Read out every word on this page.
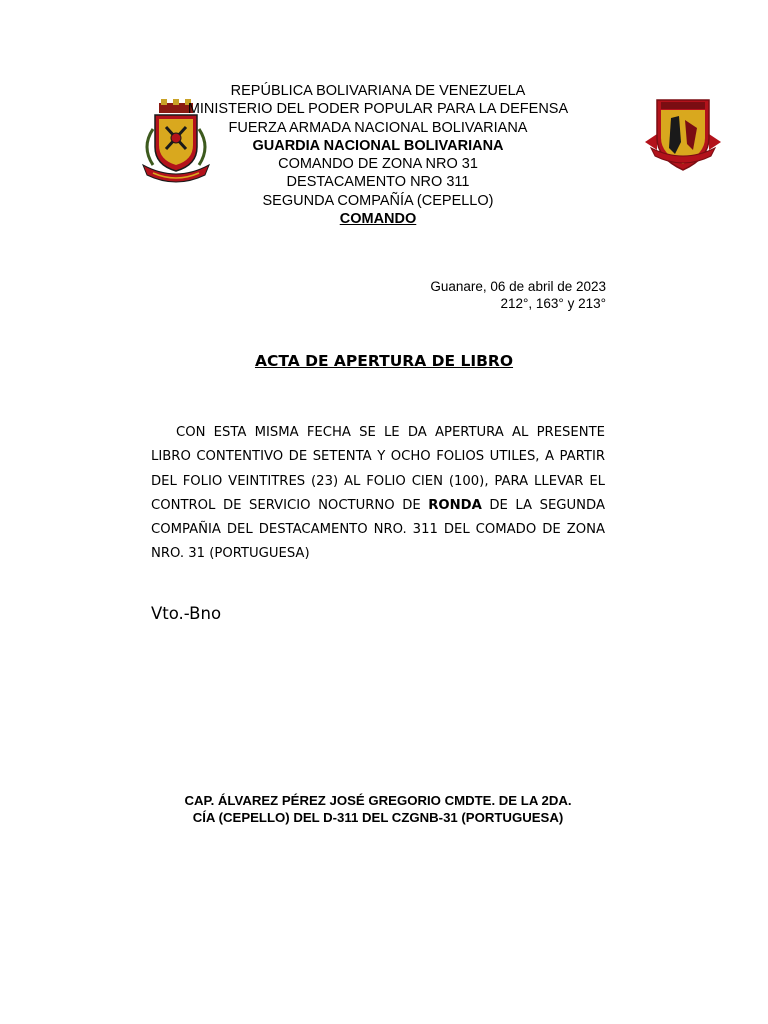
REPÚBLICA BOLIVARIANA DE VENEZUELA
MINISTERIO DEL PODER POPULAR PARA LA DEFENSA
FUERZA ARMADA NACIONAL BOLIVARIANA
GUARDIA NACIONAL BOLIVARIANA
COMANDO DE ZONA NRO 31
DESTACAMENTO NRO 311
SEGUNDA COMPAÑÍA (CEPELLO)
COMANDO
Guanare, 06 de abril de 2023
212°, 163° y 213°
ACTA DE APERTURA DE LIBRO
CON ESTA MISMA FECHA SE LE DA APERTURA AL PRESENTE LIBRO CONTENTIVO DE SETENTA Y OCHO FOLIOS UTILES, A PARTIR DEL FOLIO VEINTITRES (23) AL FOLIO CIEN (100), PARA LLEVAR EL CONTROL DE SERVICIO NOCTURNO DE RONDA DE LA SEGUNDA COMPAÑIA DEL DESTACAMENTO NRO. 311 DEL COMADO DE ZONA NRO. 31 (PORTUGUESA)
Vto.-Bno
CAP. ÁLVAREZ PÉREZ JOSÉ GREGORIO CMDTE. DE LA 2DA.
CÍA (CEPELLO) DEL D-311 DEL CZGNB-31 (PORTUGUESA)
